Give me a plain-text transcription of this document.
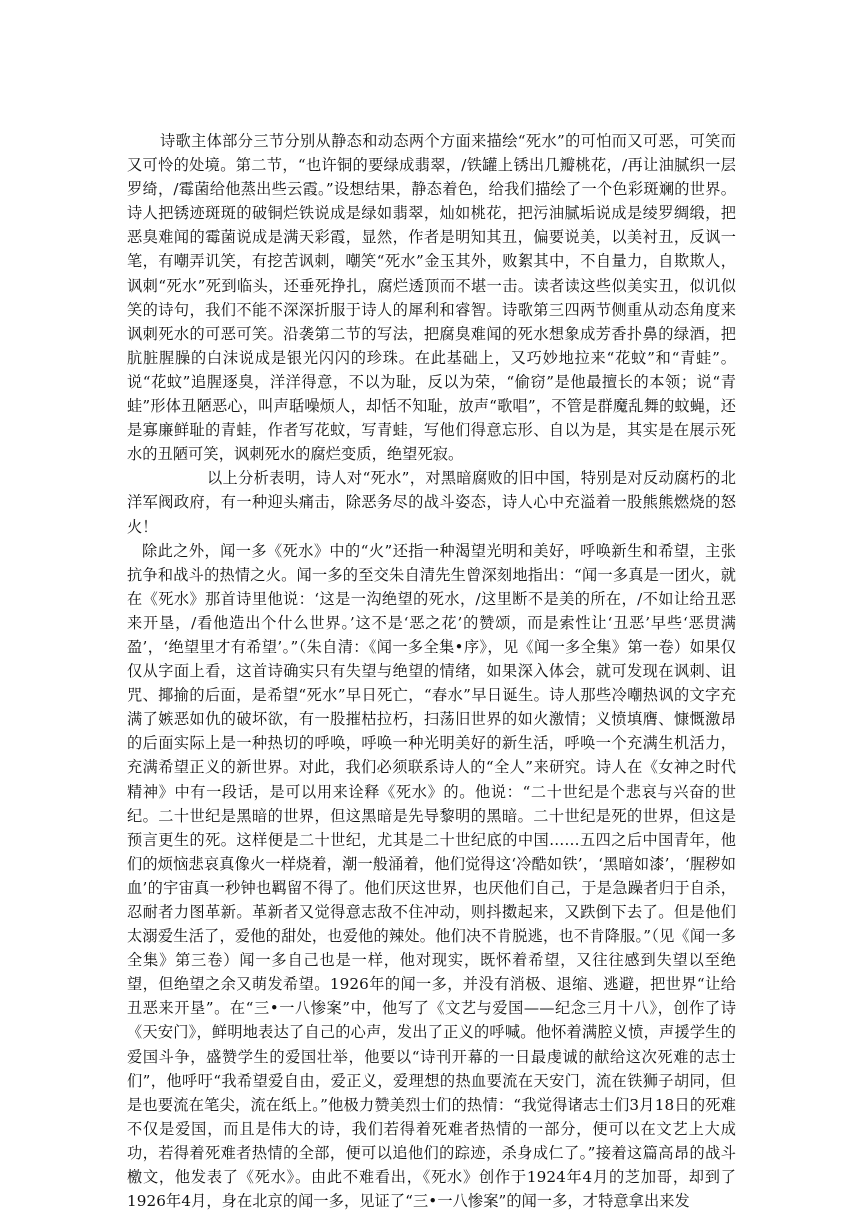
诗歌主体部分三节分别从静态和动态两个方面来描绘“死水”的可怕而又可恶，可笑而又可怜的处境。第二节，“也许铜的要绿成翡翠，/铁罐上锈出几瓣桃花，/再让油腻织一层罗绮，/霉菌给他蒸出些云霞。”设想结果，静态着色，给我们描绘了一个色彩斑斓的世界。诗人把锈迹斑斑的破铜烂铁说成是绿如翡翠，灿如桃花，把污油腻垢说成是绫罗绸缎，把恶臭难闻的霉菌说成是满天彩霞，显然，作者是明知其丑，偏要说美，以美衬丑，反讽一笔，有嘲弄讥笑，有挖苦讽刺，嘲笑“死水”金玉其外，败絮其中，不自量力，自欺欺人，讽刺“死水”死到临头，还垂死挣扎，腐烂透顶而不堪一击。读者读这些似美实丑，似讥似笑的诗句，我们不能不深深折服于诗人的犀利和睿智。诗歌第三四两节侧重从动态角度来讽刺死水的可恶可笑。沿袭第二节的写法，把腐臭难闻的死水想象成芳香扑鼻的绿酒，把肮脏腥臊的白沫说成是银光闪闪的珍珠。在此基础上，又巧妙地拉来“花蚊”和“青蛙”。说“花蚊”追腥逐臭，洋洋得意，不以为耻，反以为荣，“偷窃”是他最擅长的本领；说“青蛙”形体丑陋恶心，叫声聒噪烦人，却恬不知耻，放声“歌唱”，不管是群魔乱舞的蚊蝇，还是寡廉鲜耻的青蛙，作者写花蚊，写青蛙，写他们得意忘形、自以为是，其实是在展示死水的丑陋可笑，讽刺死水的腐烂变质，绝望死寂。

以上分析表明，诗人对“死水”，对黑暗腐败的旧中国，特别是对反动腐朽的北洋军阀政府，有一种迎头痛击，除恶务尽的战斗姿态，诗人心中充溢着一股熊熊燃烧的怒火！

除此之外，闻一多《死水》中的“火”还指一种渴望光明和美好，呼唤新生和希望，主张抗争和战斗的热情之火。闻一多的至交朱自清先生曾深刻地指出：“闻一多真是一团火，就在《死水》那首诗里他说：‘这是一沟绝望的死水，/这里断不是美的所在，/不如让给丑恶来开垦，/看他造出个什么世界。’这不是‘恶之花’的赞颂，而是索性让‘丑恶’早些‘恶贯满盈’，‘绝望里才有希望’。”（朱自清：《闻一多全集•序》，见《闻一多全集》第一卷）如果仅仅从字面上看，这首诗确实只有失望与绝望的情绪，如果深入体会，就可发现在讽刺、诅咒、揶揄的后面，是希望“死水”早日死亡，“春水”早日诞生。诗人那些冷嘲热讽的文字充满了嫉恶如仇的破坏欲，有一股摧枯拉朽，扫荡旧世界的如火激情；义愤填膺、慷慨激昂的后面实际上是一种热切的呼唤，呼唤一种光明美好的新生活，呼唤一个充满生机活力，充满希望正义的新世界。对此，我们必须联系诗人的“全人”来研究。诗人在《女神之时代精神》中有一段话，是可以用来诠释《死水》的。他说：“二十世纪是个悲哀与兴奋的世纪。二十世纪是黑暗的世界，但这黑暗是先导黎明的黑暗。二十世纪是死的世界，但这是预言更生的死。这样便是二十世纪，尤其是二十世纪底的中国……五四之后中国青年，他们的烦恼悲哀真像火一样烧着，潮一般涌着，他们觉得这‘冷酷如铁’，‘黑暗如漆’，‘腥秽如血’的宇宙真一秒钟也羁留不得了。他们厌这世界，也厌他们自己，于是急躁者归于自杀，忍耐者力图革新。革新者又觉得意志敌不住冲动，则抖擞起来，又跌倒下去了。但是他们太溺爱生活了，爱他的甜处，也爱他的辣处。他们决不肯脱逃，也不肯降服。”（见《闻一多全集》第三卷）闻一多自己也是一样，他对现实，既怀着希望，又往往感到失望以至绝望，但绝望之余又萌发希望。1926年的闻一多，并没有消极、退缩、逃避，把世界“让给丑恶来开垦”。在“三•一八惨案”中，他写了《文艺与爱国——纪念三月十八》，创作了诗《天安门》，鲜明地表达了自己的心声，发出了正义的呼喊。他怀着满腔义愤，声援学生的爱国斗争，盛赞学生的爱国壮举，他要以“诗刊开幕的一日最虔诚的献给这次死难的志士们”，他呼吁“我希望爱自由，爱正义，爱理想的热血要流在天安门，流在铁狮子胡同，但是也要流在笔尖，流在纸上。”他极力赞美烈士们的热情：“我觉得诸志士们3月18日的死难不仅是爱国，而且是伟大的诗，我们若得着死难者热情的一部分，便可以在文艺上大成功，若得着死难者热情的全部，便可以追他们的踪迹，杀身成仁了。”接着这篇高昂的战斗檄文，他发表了《死水》。由此不难看出，《死水》创作于1924年4月的芝加哥，却到了1926年4月，身在北京的闻一多，见证了“三•一八惨案”的闻一多，才特意拿出来发
